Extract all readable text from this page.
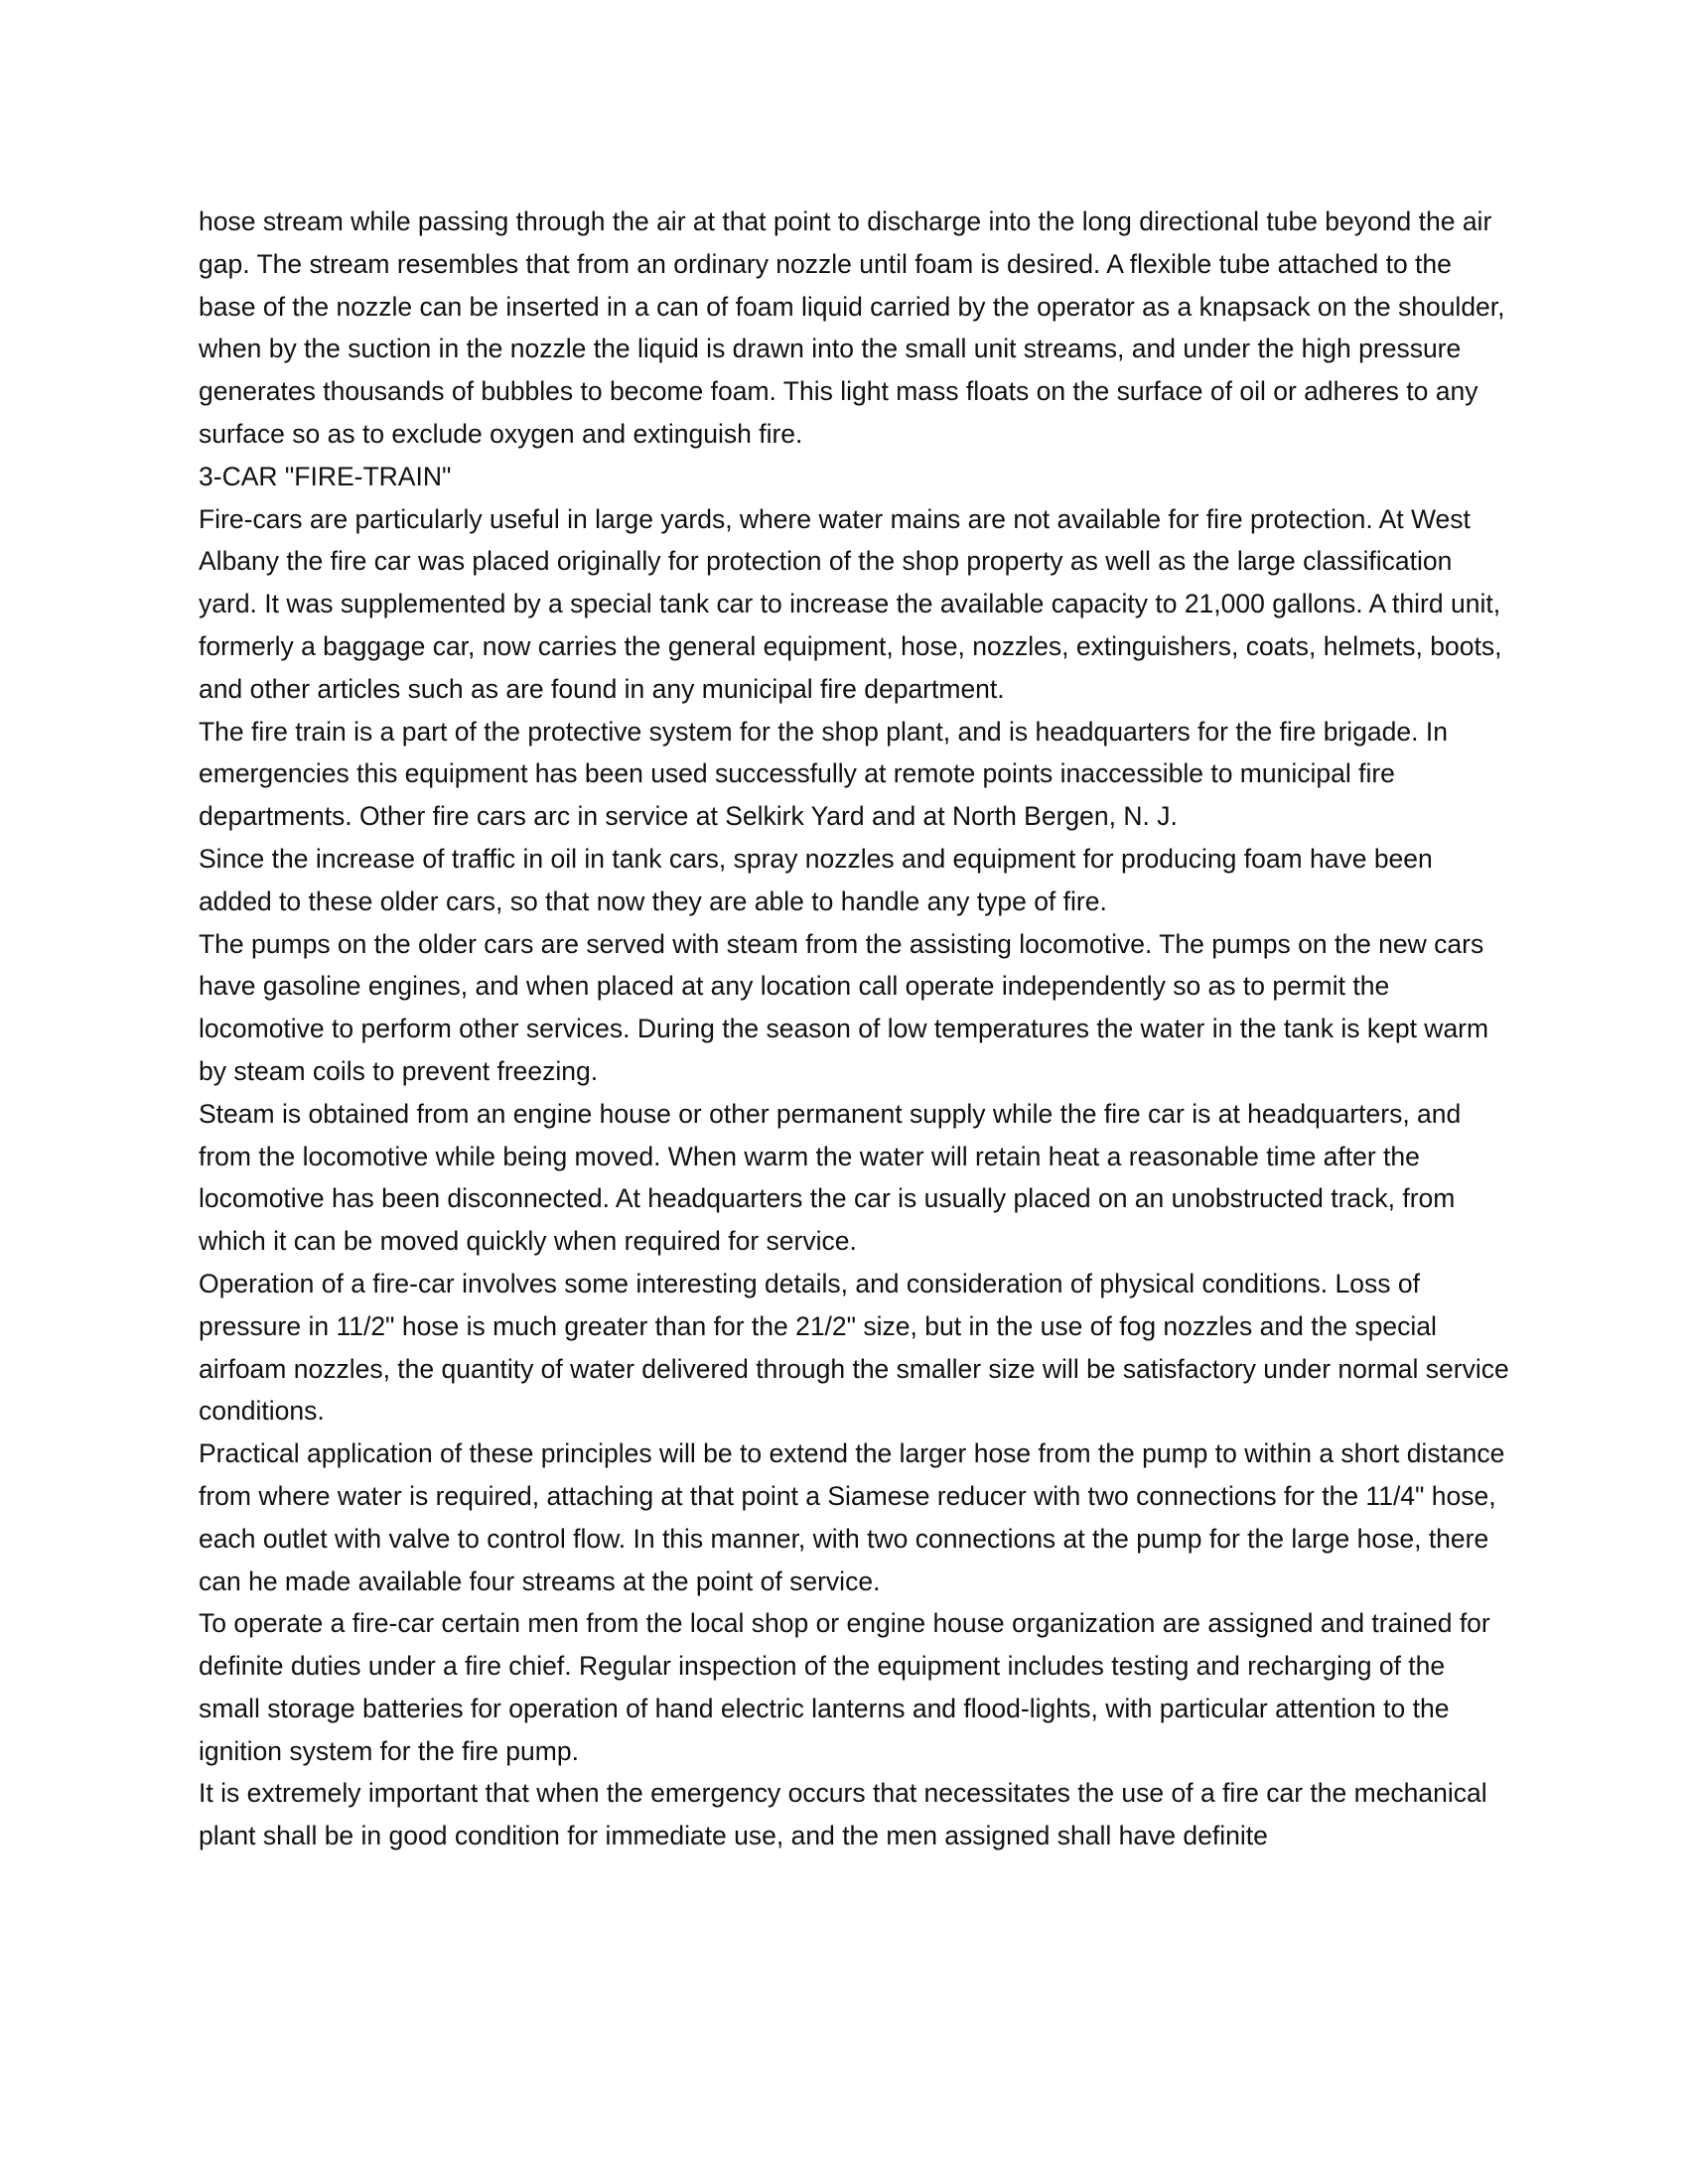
hose stream while passing through the air at that point to discharge into the long directional tube beyond the air gap. The stream resembles that from an ordinary nozzle until foam is desired. A flexible tube attached to the base of the nozzle can be inserted in a can of foam liquid carried by the operator as a knapsack on the shoulder, when by the suction in the nozzle the liquid is drawn into the small unit streams, and under the high pressure generates thousands of bubbles to become foam. This light mass floats on the surface of oil or adheres to any surface so as to exclude oxygen and extinguish fire.

3-CAR "FIRE-TRAIN"

Fire-cars are particularly useful in large yards, where water mains are not available for fire protection. At West Albany the fire car was placed originally for protection of the shop property as well as the large classification yard. It was supplemented by a special tank car to increase the available capacity to 21,000 gallons. A third unit, formerly a baggage car, now carries the general equipment, hose, nozzles, extinguishers, coats, helmets, boots, and other articles such as are found in any municipal fire department.

The fire train is a part of the protective system for the shop plant, and is headquarters for the fire brigade. In emergencies this equipment has been used successfully at remote points inaccessible to municipal fire departments. Other fire cars arc in service at Selkirk Yard and at North Bergen, N. J.

Since the increase of traffic in oil in tank cars, spray nozzles and equipment for producing foam have been added to these older cars, so that now they are able to handle any type of fire.

The pumps on the older cars are served with steam from the assisting locomotive. The pumps on the new cars have gasoline engines, and when placed at any location call operate independently so as to permit the locomotive to perform other services. During the season of low temperatures the water in the tank is kept warm by steam coils to prevent freezing.

Steam is obtained from an engine house or other permanent supply while the fire car is at headquarters, and from the locomotive while being moved. When warm the water will retain heat a reasonable time after the locomotive has been disconnected. At headquarters the car is usually placed on an unobstructed track, from which it can be moved quickly when required for service.

Operation of a fire-car involves some interesting details, and consideration of physical conditions. Loss of pressure in 11/2" hose is much greater than for the 21/2" size, but in the use of fog nozzles and the special airfoam nozzles, the quantity of water delivered through the smaller size will be satisfactory under normal service conditions.

Practical application of these principles will be to extend the larger hose from the pump to within a short distance from where water is required, attaching at that point a Siamese reducer with two connections for the 11/4" hose, each outlet with valve to control flow. In this manner, with two connections at the pump for the large hose, there can he made available four streams at the point of service.

To operate a fire-car certain men from the local shop or engine house organization are assigned and trained for definite duties under a fire chief. Regular inspection of the equipment includes testing and recharging of the small storage batteries for operation of hand electric lanterns and flood-lights, with particular attention to the ignition system for the fire pump.

It is extremely important that when the emergency occurs that necessitates the use of a fire car the mechanical plant shall be in good condition for immediate use, and the men assigned shall have definite
